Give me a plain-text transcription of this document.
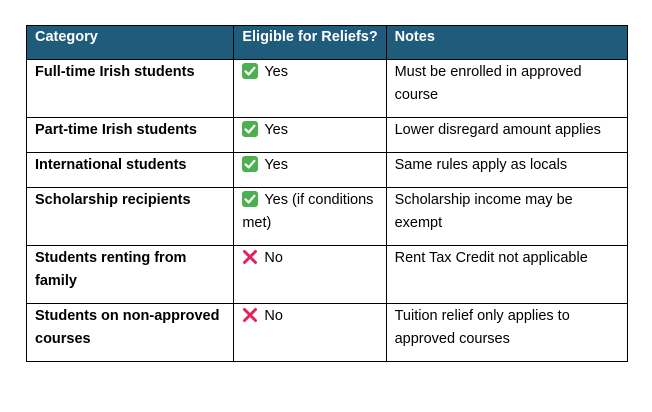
Category	Eligible for Reliefs?	Notes
Full-time Irish students	Yes	Must be enrolled in approved course
Part-time Irish students	Yes	Lower disregard amount applies
International students	Yes	Same rules apply as locals
Scholarship recipients	Yes (if conditions met)	Scholarship income may be exempt
Students renting from family	No	Rent Tax Credit not applicable
Students on non-approved courses	No	Tuition relief only applies to approved courses
